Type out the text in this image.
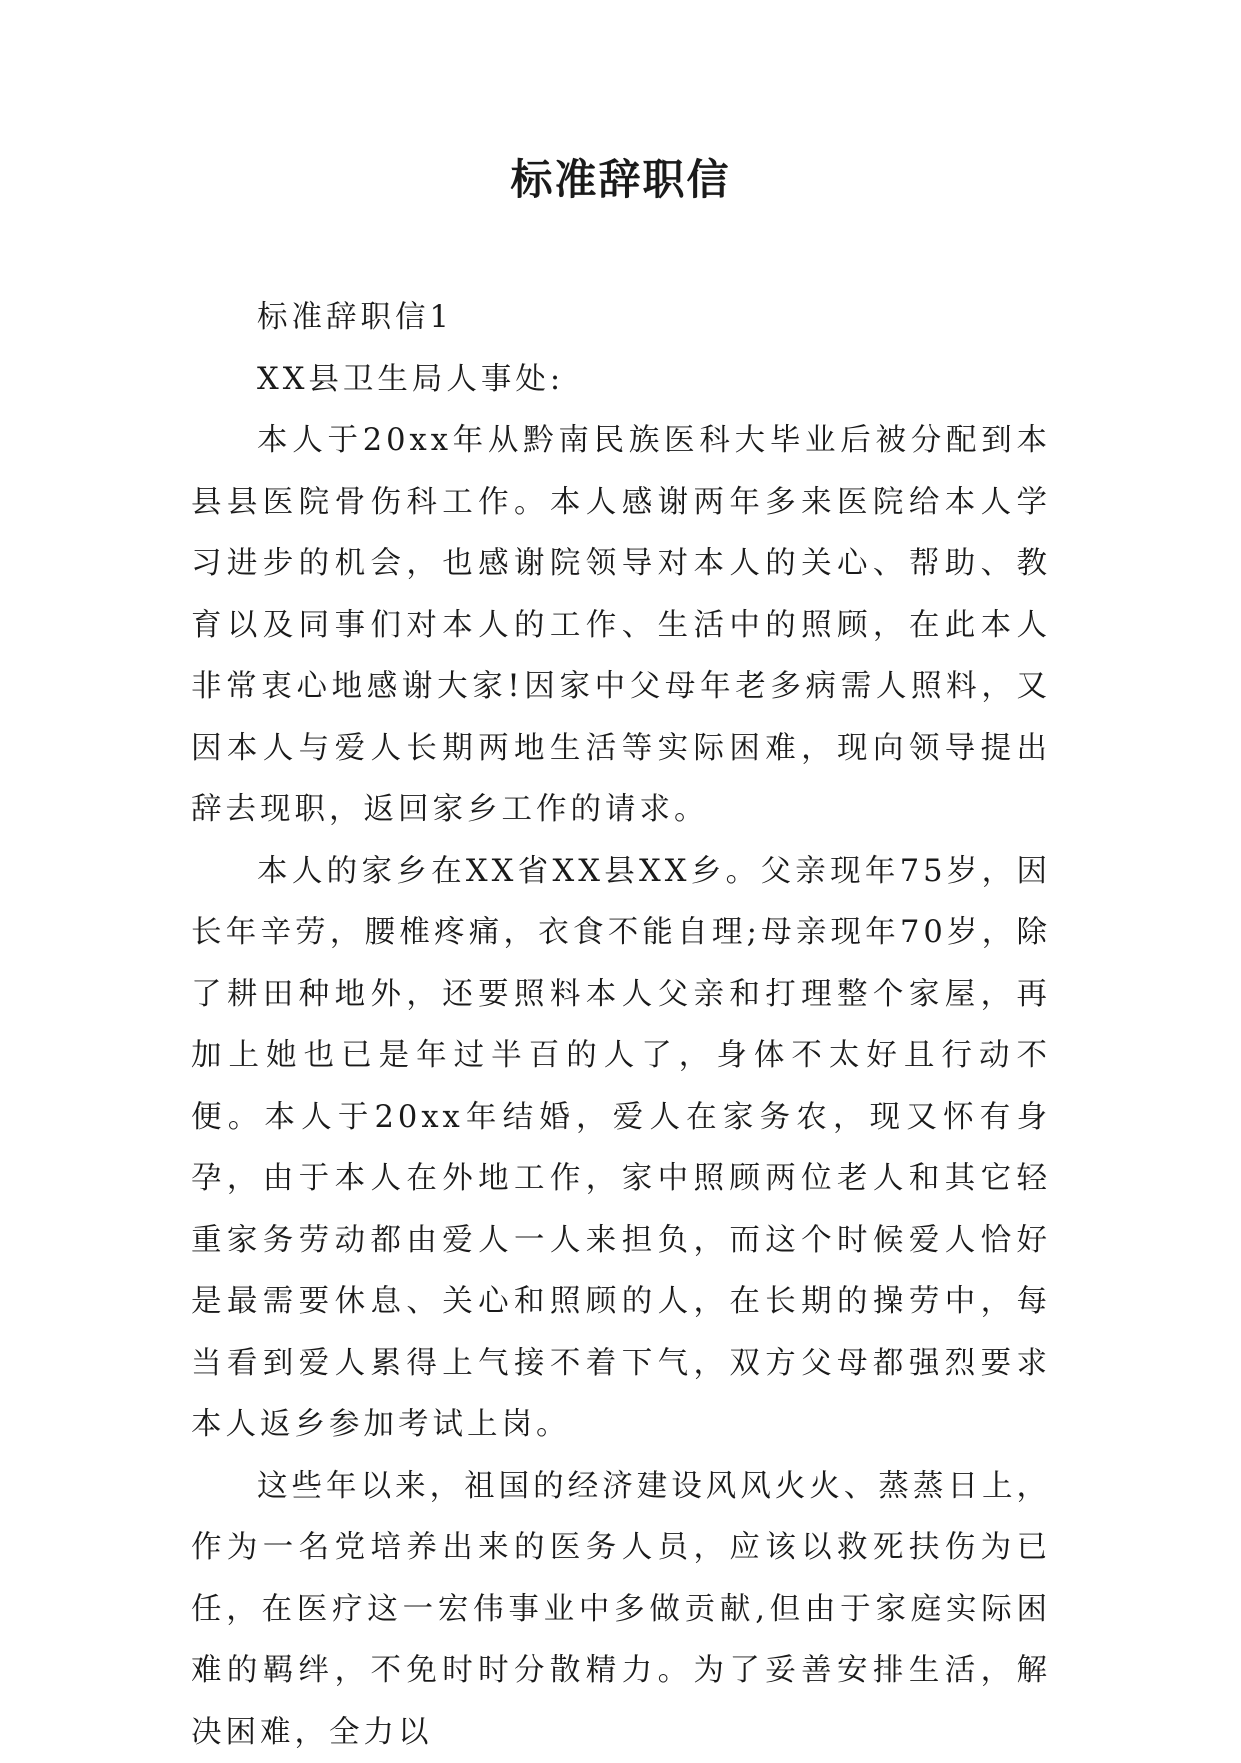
标准辞职信

标准辞职信1

XX县卫生局人事处:

本人于20xx年从黔南民族医科大毕业后被分配到本县县医院骨伤科工作。本人感谢两年多来医院给本人学习进步的机会，也感谢院领导对本人的关心、帮助、教育以及同事们对本人的工作、生活中的照顾，在此本人非常衷心地感谢大家!因家中父母年老多病需人照料，又因本人与爱人长期两地生活等实际困难，现向领导提出辞去现职，返回家乡工作的请求。

本人的家乡在XX省XX县XX乡。父亲现年75岁，因长年辛劳，腰椎疼痛，衣食不能自理;母亲现年70岁，除了耕田种地外，还要照料本人父亲和打理整个家屋，再加上她也已是年过半百的人了，身体不太好且行动不便。本人于20xx年结婚，爱人在家务农，现又怀有身孕，由于本人在外地工作，家中照顾两位老人和其它轻重家务劳动都由爱人一人来担负，而这个时候爱人恰好是最需要休息、关心和照顾的人，在长期的操劳中，每当看到爱人累得上气接不着下气，双方父母都强烈要求本人返乡参加考试上岗。

这些年以来，祖国的经济建设风风火火、蒸蒸日上，作为一名党培养出来的医务人员，应该以救死扶伤为已任，在医疗这一宏伟事业中多做贡献,但由于家庭实际困难的羁绊，不免时时分散精力。为了妥善安排生活，解决困难，全力以
